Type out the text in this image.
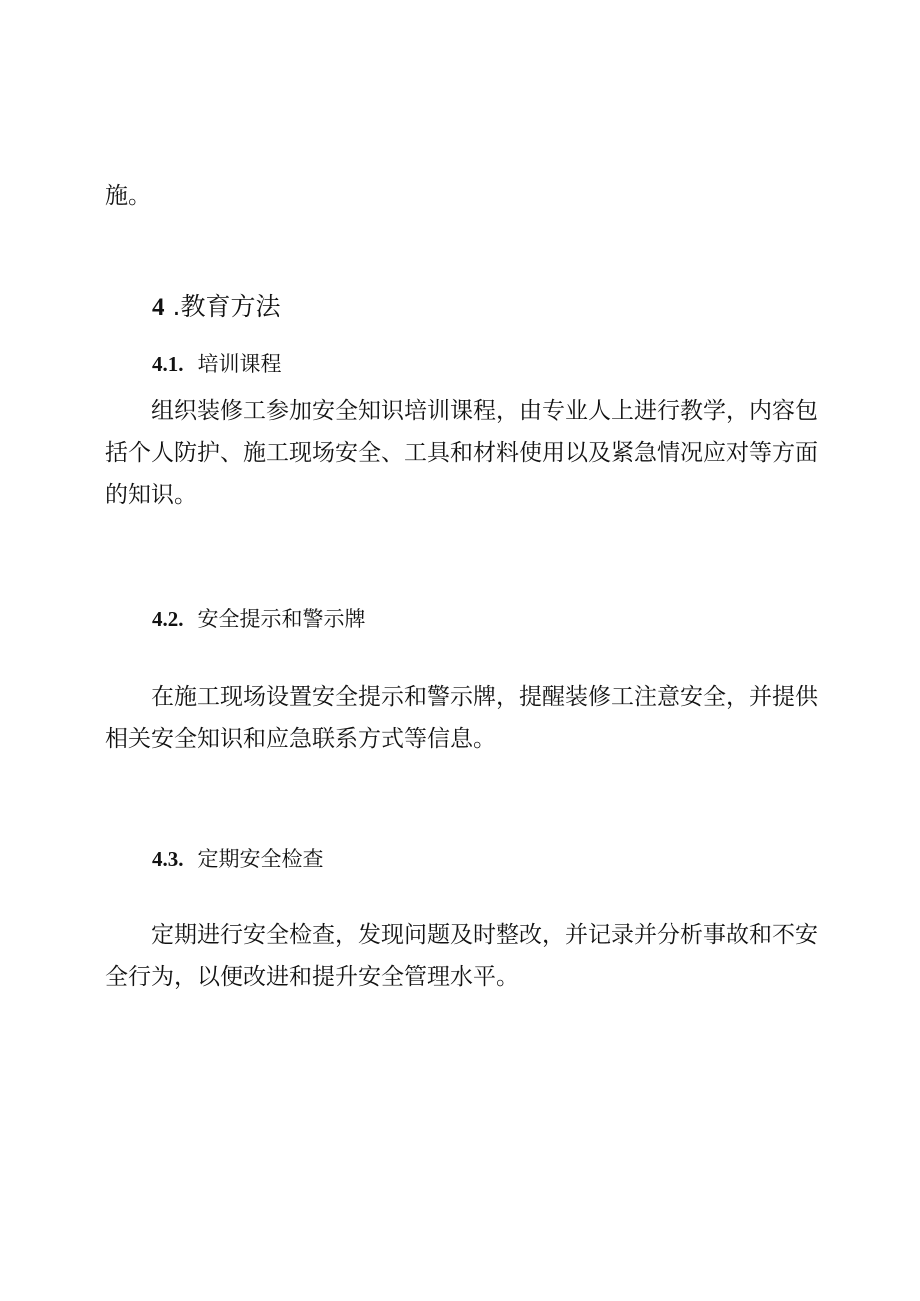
施。

4 .教育方法
4.1. 培训课程

组织装修工参加安全知识培训课程，由专业人上进行教学，内容包
括个人防护、施工现场安全、工具和材料使用以及紧急情况应对等方面
的知识。

4.2. 安全提示和警示牌

在施工现场设置安全提示和警示牌，提醒装修工注意安全，并提供
相关安全知识和应急联系方式等信息。

4.3. 定期安全检查

定期进行安全检查，发现问题及时整改，并记录并分析事故和不安
全行为，以便改进和提升安全管理水平。
